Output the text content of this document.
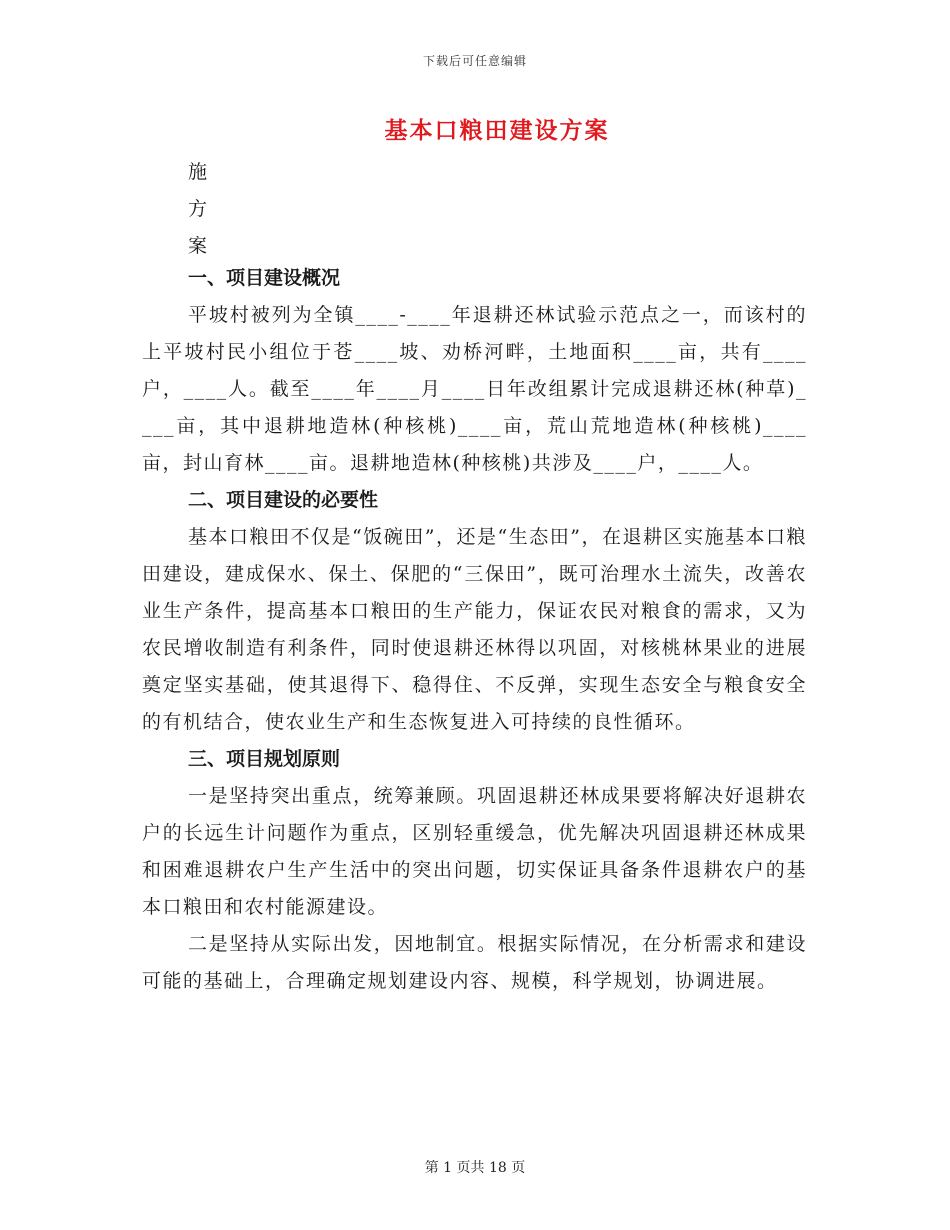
下载后可任意编辑
基本口粮田建设方案
施
方
案
一、项目建设概况

平坡村被列为全镇____-____年退耕还林试验示范点之一，而该村的上平坡村民小组位于苍____坡、劝桥河畔，土地面积____亩，共有____户，____人。截至____年____月____日年改组累计完成退耕还林(种草)____亩，其中退耕地造林(种核桃)____亩，荒山荒地造林(种核桃)____亩，封山育林____亩。退耕地造林(种核桃)共涉及____户，____人。

二、项目建设的必要性

基本口粮田不仅是“饭碗田”，还是“生态田”，在退耕区实施基本口粮田建设，建成保水、保土、保肥的“三保田”，既可治理水土流失，改善农业生产条件，提高基本口粮田的生产能力，保证农民对粮食的需求，又为农民增收制造有利条件，同时使退耕还林得以巩固，对核桃林果业的进展奠定坚实基础，使其退得下、稳得住、不反弹，实现生态安全与粮食安全的有机结合，使农业生产和生态恢复进入可持续的良性循环。

三、项目规划原则

一是坚持突出重点，统筹兼顾。巩固退耕还林成果要将解决好退耕农户的长远生计问题作为重点，区别轻重缓急，优先解决巩固退耕还林成果和困难退耕农户生产生活中的突出问题，切实保证具备条件退耕农户的基本口粮田和农村能源建设。

二是坚持从实际出发，因地制宜。根据实际情况，在分析需求和建设可能的基础上，合理确定规划建设内容、规模，科学规划，协调进展。

第 1 页共 18 页
